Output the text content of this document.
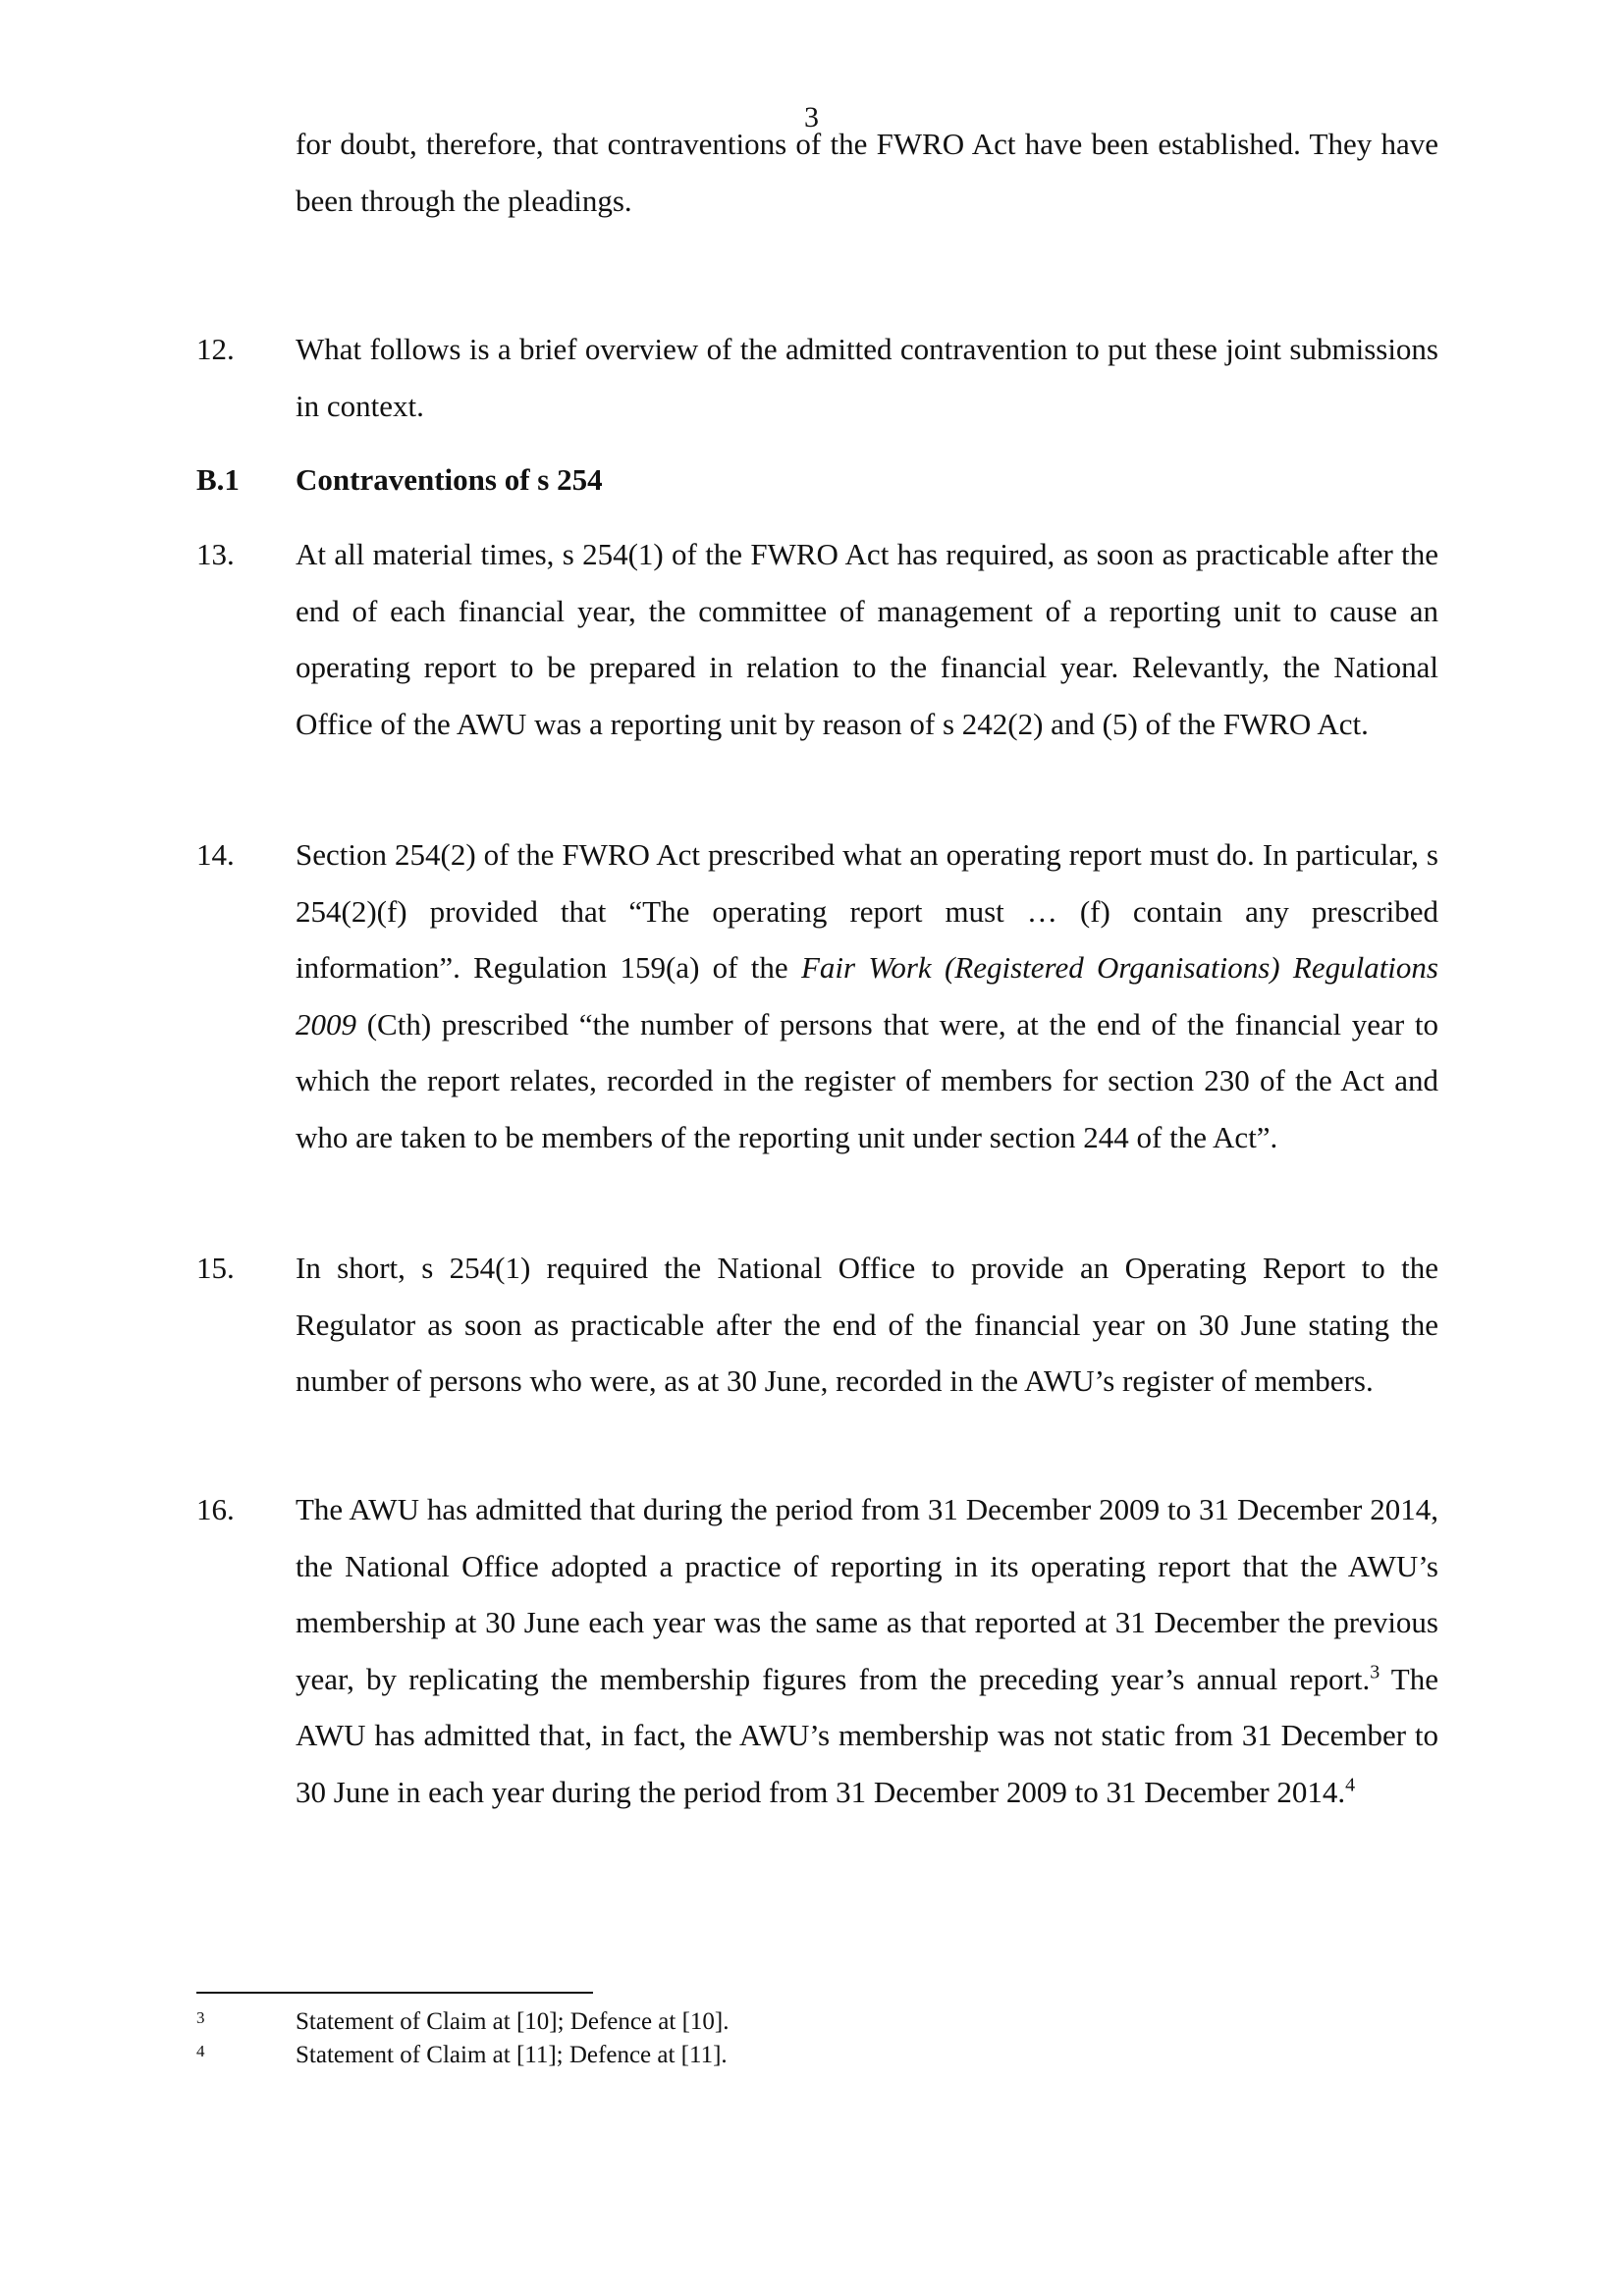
3
for doubt, therefore, that contraventions of the FWRO Act have been established. They have been through the pleadings.
12. What follows is a brief overview of the admitted contravention to put these joint submissions in context.
B.1 Contraventions of s 254
13. At all material times, s 254(1) of the FWRO Act has required, as soon as practicable after the end of each financial year, the committee of management of a reporting unit to cause an operating report to be prepared in relation to the financial year. Relevantly, the National Office of the AWU was a reporting unit by reason of s 242(2) and (5) of the FWRO Act.
14. Section 254(2) of the FWRO Act prescribed what an operating report must do. In particular, s 254(2)(f) provided that “The operating report must … (f) contain any prescribed information”. Regulation 159(a) of the Fair Work (Registered Organisations) Regulations 2009 (Cth) prescribed “the number of persons that were, at the end of the financial year to which the report relates, recorded in the register of members for section 230 of the Act and who are taken to be members of the reporting unit under section 244 of the Act”.
15. In short, s 254(1) required the National Office to provide an Operating Report to the Regulator as soon as practicable after the end of the financial year on 30 June stating the number of persons who were, as at 30 June, recorded in the AWU’s register of members.
16. The AWU has admitted that during the period from 31 December 2009 to 31 December 2014, the National Office adopted a practice of reporting in its operating report that the AWU’s membership at 30 June each year was the same as that reported at 31 December the previous year, by replicating the membership figures from the preceding year’s annual report.$^3$ The AWU has admitted that, in fact, the AWU’s membership was not static from 31 December to 30 June in each year during the period from 31 December 2009 to 31 December 2014.$^4$
3	Statement of Claim at [10]; Defence at [10].
4	Statement of Claim at [11]; Defence at [11].
